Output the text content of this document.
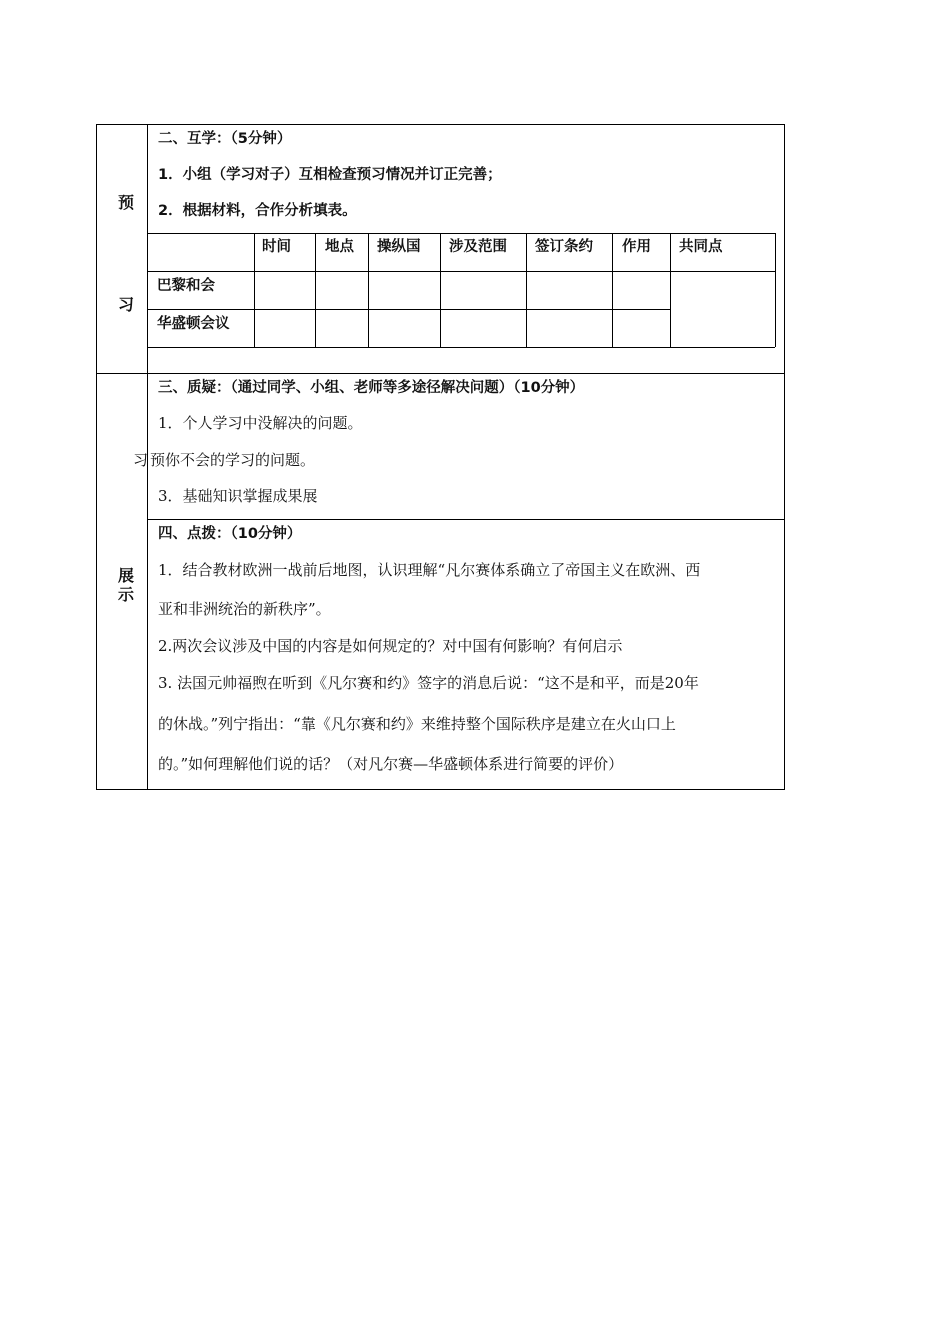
预
习
展
示
二、互学：（5分钟）
1．小组（学习对子）互相检查预习情况并订正完善；
2．根据材料，合作分析填表。
时间 地点 操纵国 涉及范围 签订条约 作用 共同点
巴黎和会
华盛顿会议
三、质疑：（通过同学、小组、老师等多途径解决问题）（10分钟）
1．个人学习中没解决的问题。
习 预你不会的学习的问题。
3．基础知识掌握成果展
四、点拨：（10分钟）
1．结合教材欧洲一战前后地图，认识理解“凡尔赛体系确立了帝国主义在欧洲、西
亚和非洲统治的新秩序”。
2.两次会议涉及中国的内容是如何规定的？对中国有何影响？有何启示
3. 法国元帅福煦在听到《凡尔赛和约》签字的消息后说：“这不是和平，而是20年
的休战。”列宁指出：“靠《凡尔赛和约》来维持整个国际秩序是建立在火山口上
的。”如何理解他们说的话？（对凡尔赛—华盛顿体系进行简要的评价）
